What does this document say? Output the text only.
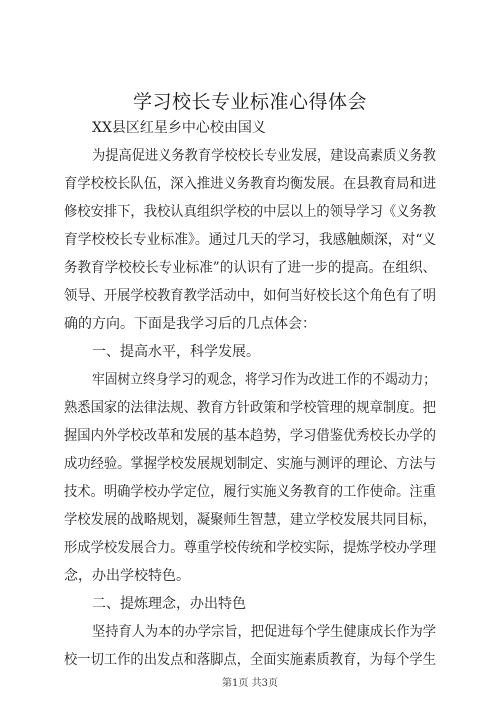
学习校长专业标准心得体会
XX县区红星乡中心校由国义
为提高促进义务教育学校校长专业发展，建设高素质义务教
育学校校长队伍，深入推进义务教育均衡发展。在县教育局和进
修校安排下，我校认真组织学校的中层以上的领导学习《义务教
育学校校长专业标准》。通过几天的学习，我感触颇深，对“义
务教育学校校长专业标准”的认识有了进一步的提高。在组织、
领导、开展学校教育教学活动中，如何当好校长这个角色有了明
确的方向。下面是我学习后的几点体会：
一、提高水平，科学发展。
牢固树立终身学习的观念，将学习作为改进工作的不竭动力；
熟悉国家的法律法规、教育方针政策和学校管理的规章制度。把
握国内外学校改革和发展的基本趋势，学习借鉴优秀校长办学的
成功经验。掌握学校发展规划制定、实施与测评的理论、方法与
技术。明确学校办学定位，履行实施义务教育的工作使命。注重
学校发展的战略规划，凝聚师生智慧，建立学校发展共同目标，
形成学校发展合力。尊重学校传统和学校实际，提炼学校办学理
念，办出学校特色。
二、提炼理念，办出特色
坚持育人为本的办学宗旨，把促进每个学生健康成长作为学
校一切工作的出发点和落脚点，全面实施素质教育，为每个学生
第1页 共3页
